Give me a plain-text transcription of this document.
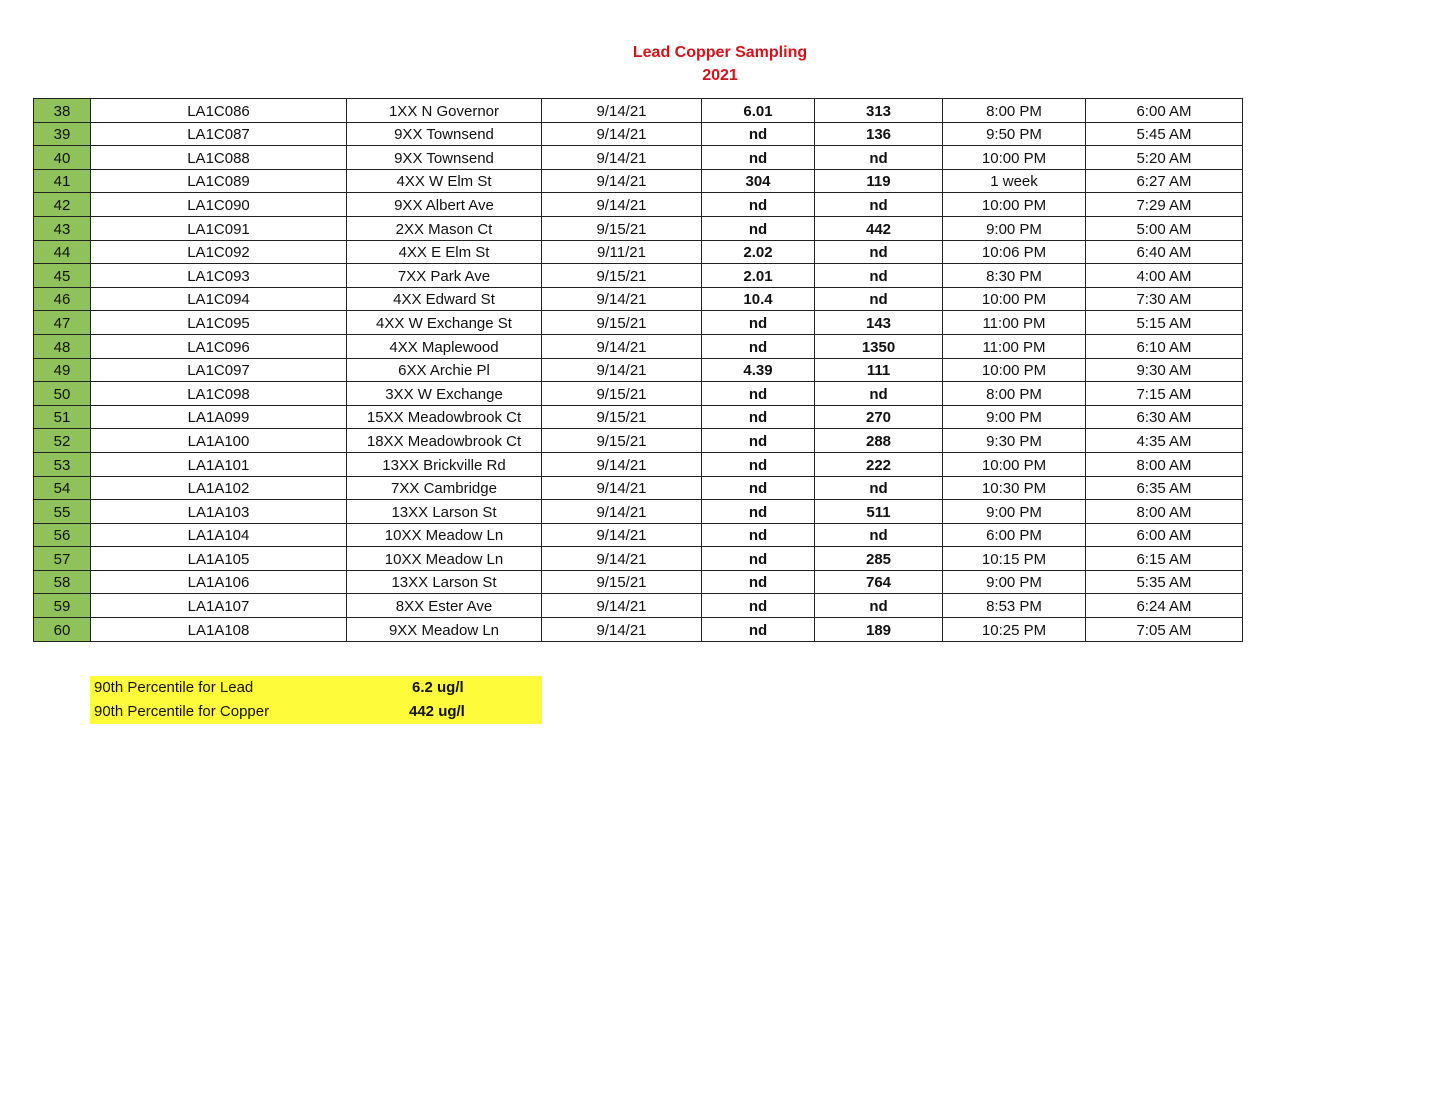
Lead Copper Sampling
2021
38	LA1C086	1XX N Governor	9/14/21	6.01	313	8:00 PM	6:00 AM
39	LA1C087	9XX Townsend	9/14/21	nd	136	9:50 PM	5:45 AM
40	LA1C088	9XX Townsend	9/14/21	nd	nd	10:00 PM	5:20 AM
41	LA1C089	4XX W Elm St	9/14/21	304	119	1 week	6:27 AM
42	LA1C090	9XX Albert Ave	9/14/21	nd	nd	10:00 PM	7:29 AM
43	LA1C091	2XX Mason Ct	9/15/21	nd	442	9:00 PM	5:00 AM
44	LA1C092	4XX E Elm St	9/11/21	2.02	nd	10:06 PM	6:40 AM
45	LA1C093	7XX Park Ave	9/15/21	2.01	nd	8:30 PM	4:00 AM
46	LA1C094	4XX Edward St	9/14/21	10.4	nd	10:00 PM	7:30 AM
47	LA1C095	4XX W Exchange St	9/15/21	nd	143	11:00 PM	5:15 AM
48	LA1C096	4XX Maplewood	9/14/21	nd	1350	11:00 PM	6:10 AM
49	LA1C097	6XX Archie Pl	9/14/21	4.39	111	10:00 PM	9:30 AM
50	LA1C098	3XX W Exchange	9/15/21	nd	nd	8:00 PM	7:15 AM
51	LA1A099	15XX Meadowbrook Ct	9/15/21	nd	270	9:00 PM	6:30 AM
52	LA1A100	18XX Meadowbrook Ct	9/15/21	nd	288	9:30 PM	4:35 AM
53	LA1A101	13XX Brickville Rd	9/14/21	nd	222	10:00 PM	8:00 AM
54	LA1A102	7XX Cambridge	9/14/21	nd	nd	10:30 PM	6:35 AM
55	LA1A103	13XX Larson St	9/14/21	nd	511	9:00 PM	8:00 AM
56	LA1A104	10XX Meadow Ln	9/14/21	nd	nd	6:00 PM	6:00 AM
57	LA1A105	10XX Meadow Ln	9/14/21	nd	285	10:15 PM	6:15 AM
58	LA1A106	13XX Larson St	9/15/21	nd	764	9:00 PM	5:35 AM
59	LA1A107	8XX Ester Ave	9/14/21	nd	nd	8:53 PM	6:24 AM
60	LA1A108	9XX Meadow Ln	9/14/21	nd	189	10:25 PM	7:05 AM
90th Percentile for Lead	6.2 ug/l
90th Percentile for Copper	442 ug/l
